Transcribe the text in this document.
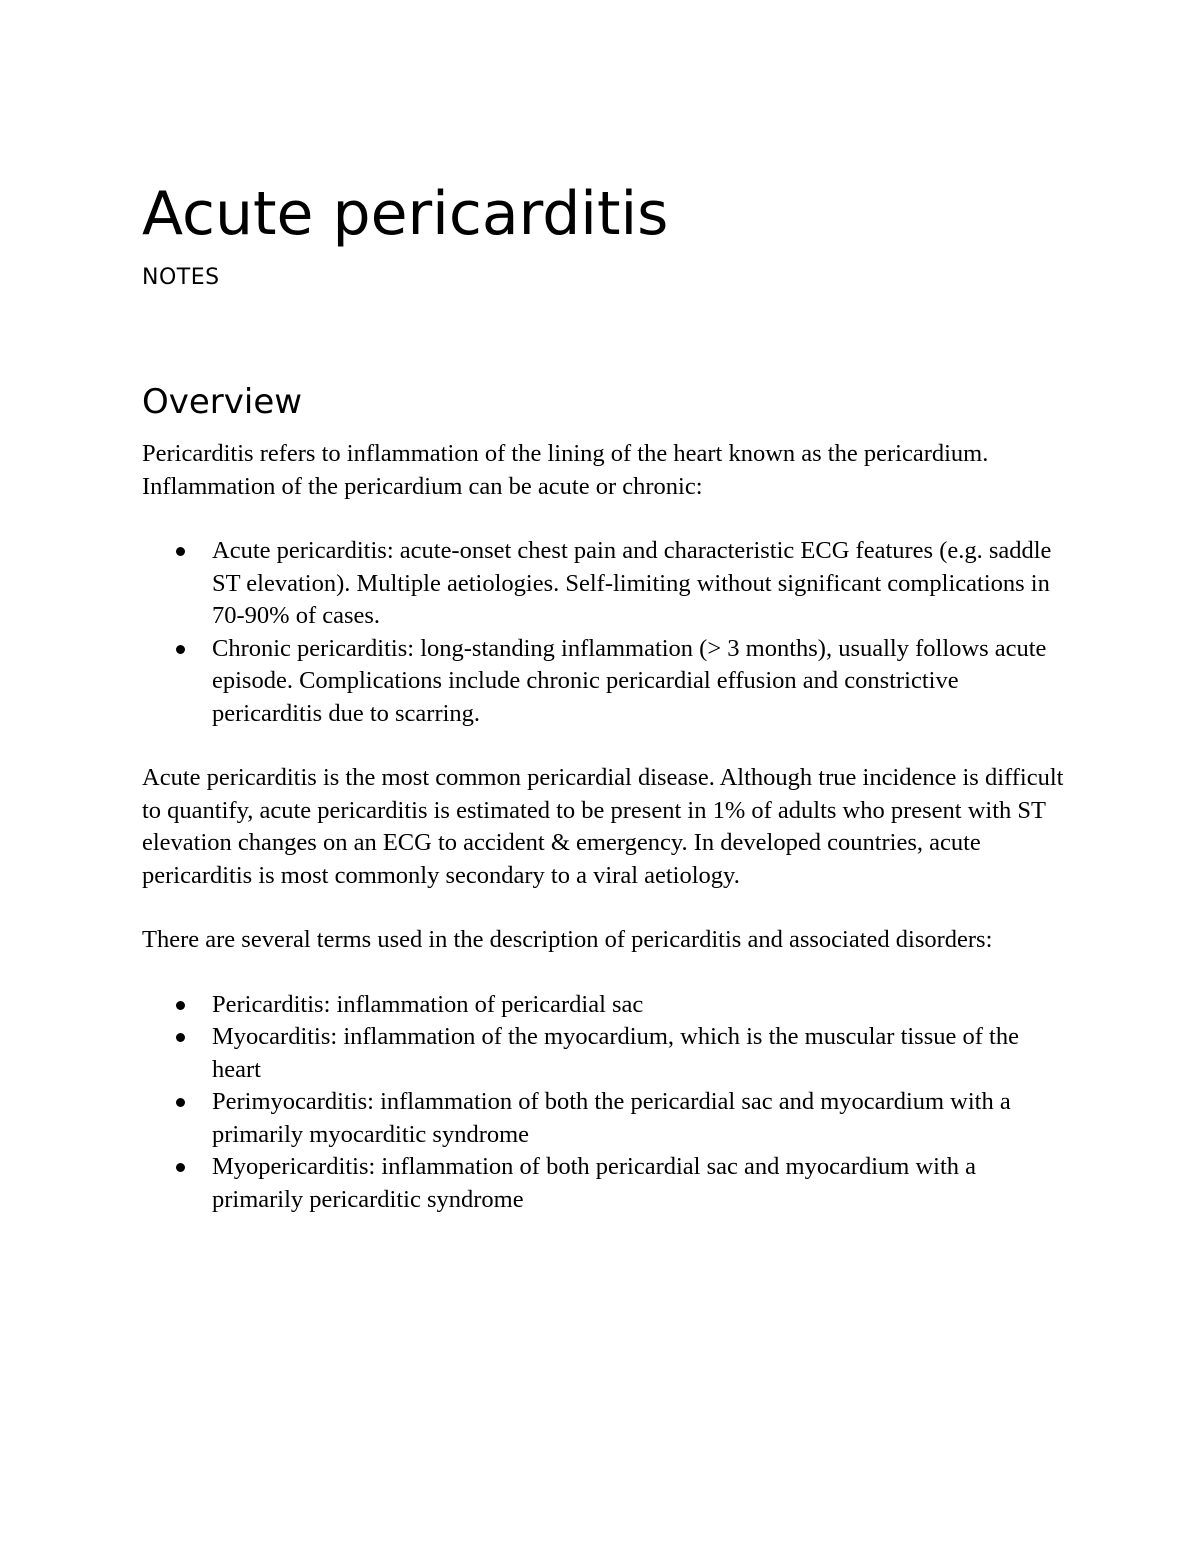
Acute pericarditis
NOTES
Overview

Pericarditis refers to inflammation of the lining of the heart known as the pericardium.

Inflammation of the pericardium can be acute or chronic:

Acute pericarditis: acute-onset chest pain and characteristic ECG features (e.g. saddle ST elevation). Multiple aetiologies. Self-limiting without significant complications in 70-90% of cases.
Chronic pericarditis: long-standing inflammation (> 3 months), usually follows acute episode. Complications include chronic pericardial effusion and constrictive pericarditis due to scarring.

Acute pericarditis is the most common pericardial disease. Although true incidence is difficult to quantify, acute pericarditis is estimated to be present in 1% of adults who present with ST elevation changes on an ECG to accident & emergency. In developed countries, acute pericarditis is most commonly secondary to a viral aetiology.

There are several terms used in the description of pericarditis and associated disorders:

Pericarditis: inflammation of pericardial sac
Myocarditis: inflammation of the myocardium, which is the muscular tissue of the heart
Perimyocarditis: inflammation of both the pericardial sac and myocardium with a primarily myocarditic syndrome
Myopericarditis: inflammation of both pericardial sac and myocardium with a primarily pericarditic syndrome
